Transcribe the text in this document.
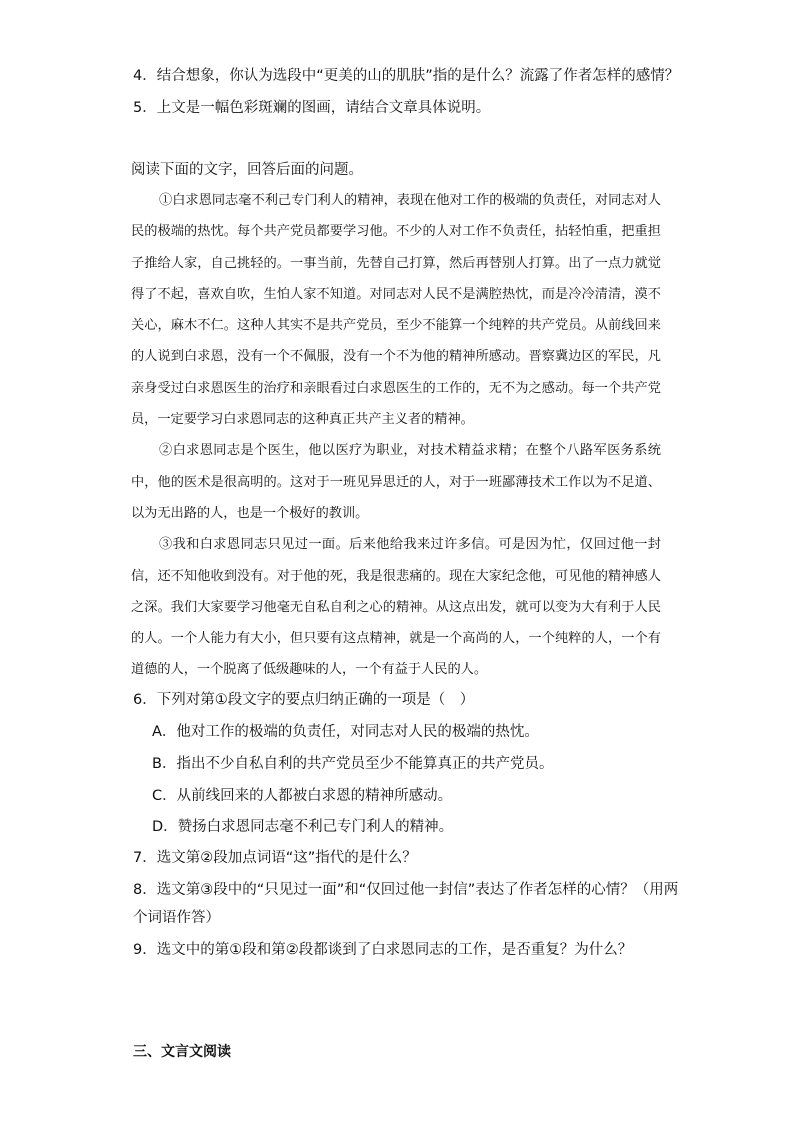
4．结合想象，你认为选段中“更美的山的肌肤”指的是什么？流露了作者怎样的感情？
5．上文是一幅色彩斑斓的图画，请结合文章具体说明。
阅读下面的文字，回答后面的问题。

①白求恩同志毫不利己专门利人的精神，表现在他对工作的极端的负责任，对同志对人民的极端的热忱。每个共产党员都要学习他。不少的人对工作不负责任，拈轻怕重，把重担子推给人家，自己挑轻的。一事当前，先替自己打算，然后再替别人打算。出了一点力就觉得了不起，喜欢自吹，生怕人家不知道。对同志对人民不是满腔热忱，而是冷冷清清，漠不关心，麻木不仁。这种人其实不是共产党员，至少不能算一个纯粹的共产党员。从前线回来的人说到白求恩，没有一个不佩服，没有一个不为他的精神所感动。晋察冀边区的军民，凡亲身受过白求恩医生的治疗和亲眼看过白求恩医生的工作的，无不为之感动。每一个共产党员，一定要学习白求恩同志的这种真正共产主义者的精神。

②白求恩同志是个医生，他以医疗为职业，对技术精益求精；在整个八路军医务系统中，他的医术是很高明的。这对于一班见异思迁的人，对于一班鄙薄技术工作以为不足道、以为无出路的人，也是一个极好的教训。

③我和白求恩同志只见过一面。后来他给我来过许多信。可是因为忙，仅回过他一封信，还不知他收到没有。对于他的死，我是很悲痛的。现在大家纪念他，可见他的精神感人之深。我们大家要学习他毫无自私自利之心的精神。从这点出发，就可以变为大有利于人民的人。一个人能力有大小，但只要有这点精神，就是一个高尚的人，一个纯粹的人，一个有道德的人，一个脱离了低级趣味的人，一个有益于人民的人。

6．下列对第①段文字的要点归纳正确的一项是（　）
A．他对工作的极端的负责任，对同志对人民的极端的热忱。
B．指出不少自私自利的共产党员至少不能算真正的共产党员。
C．从前线回来的人都被白求恩的精神所感动。
D．赞扬白求恩同志毫不利己专门利人的精神。
7．选文第②段加点词语“这”指代的是什么？
8．选文第③段中的“只见过一面”和“仅回过他一封信”表达了作者怎样的心情？（用两
个词语作答）
9．选文中的第①段和第②段都谈到了白求恩同志的工作，是否重复？为什么？
三、文言文阅读
